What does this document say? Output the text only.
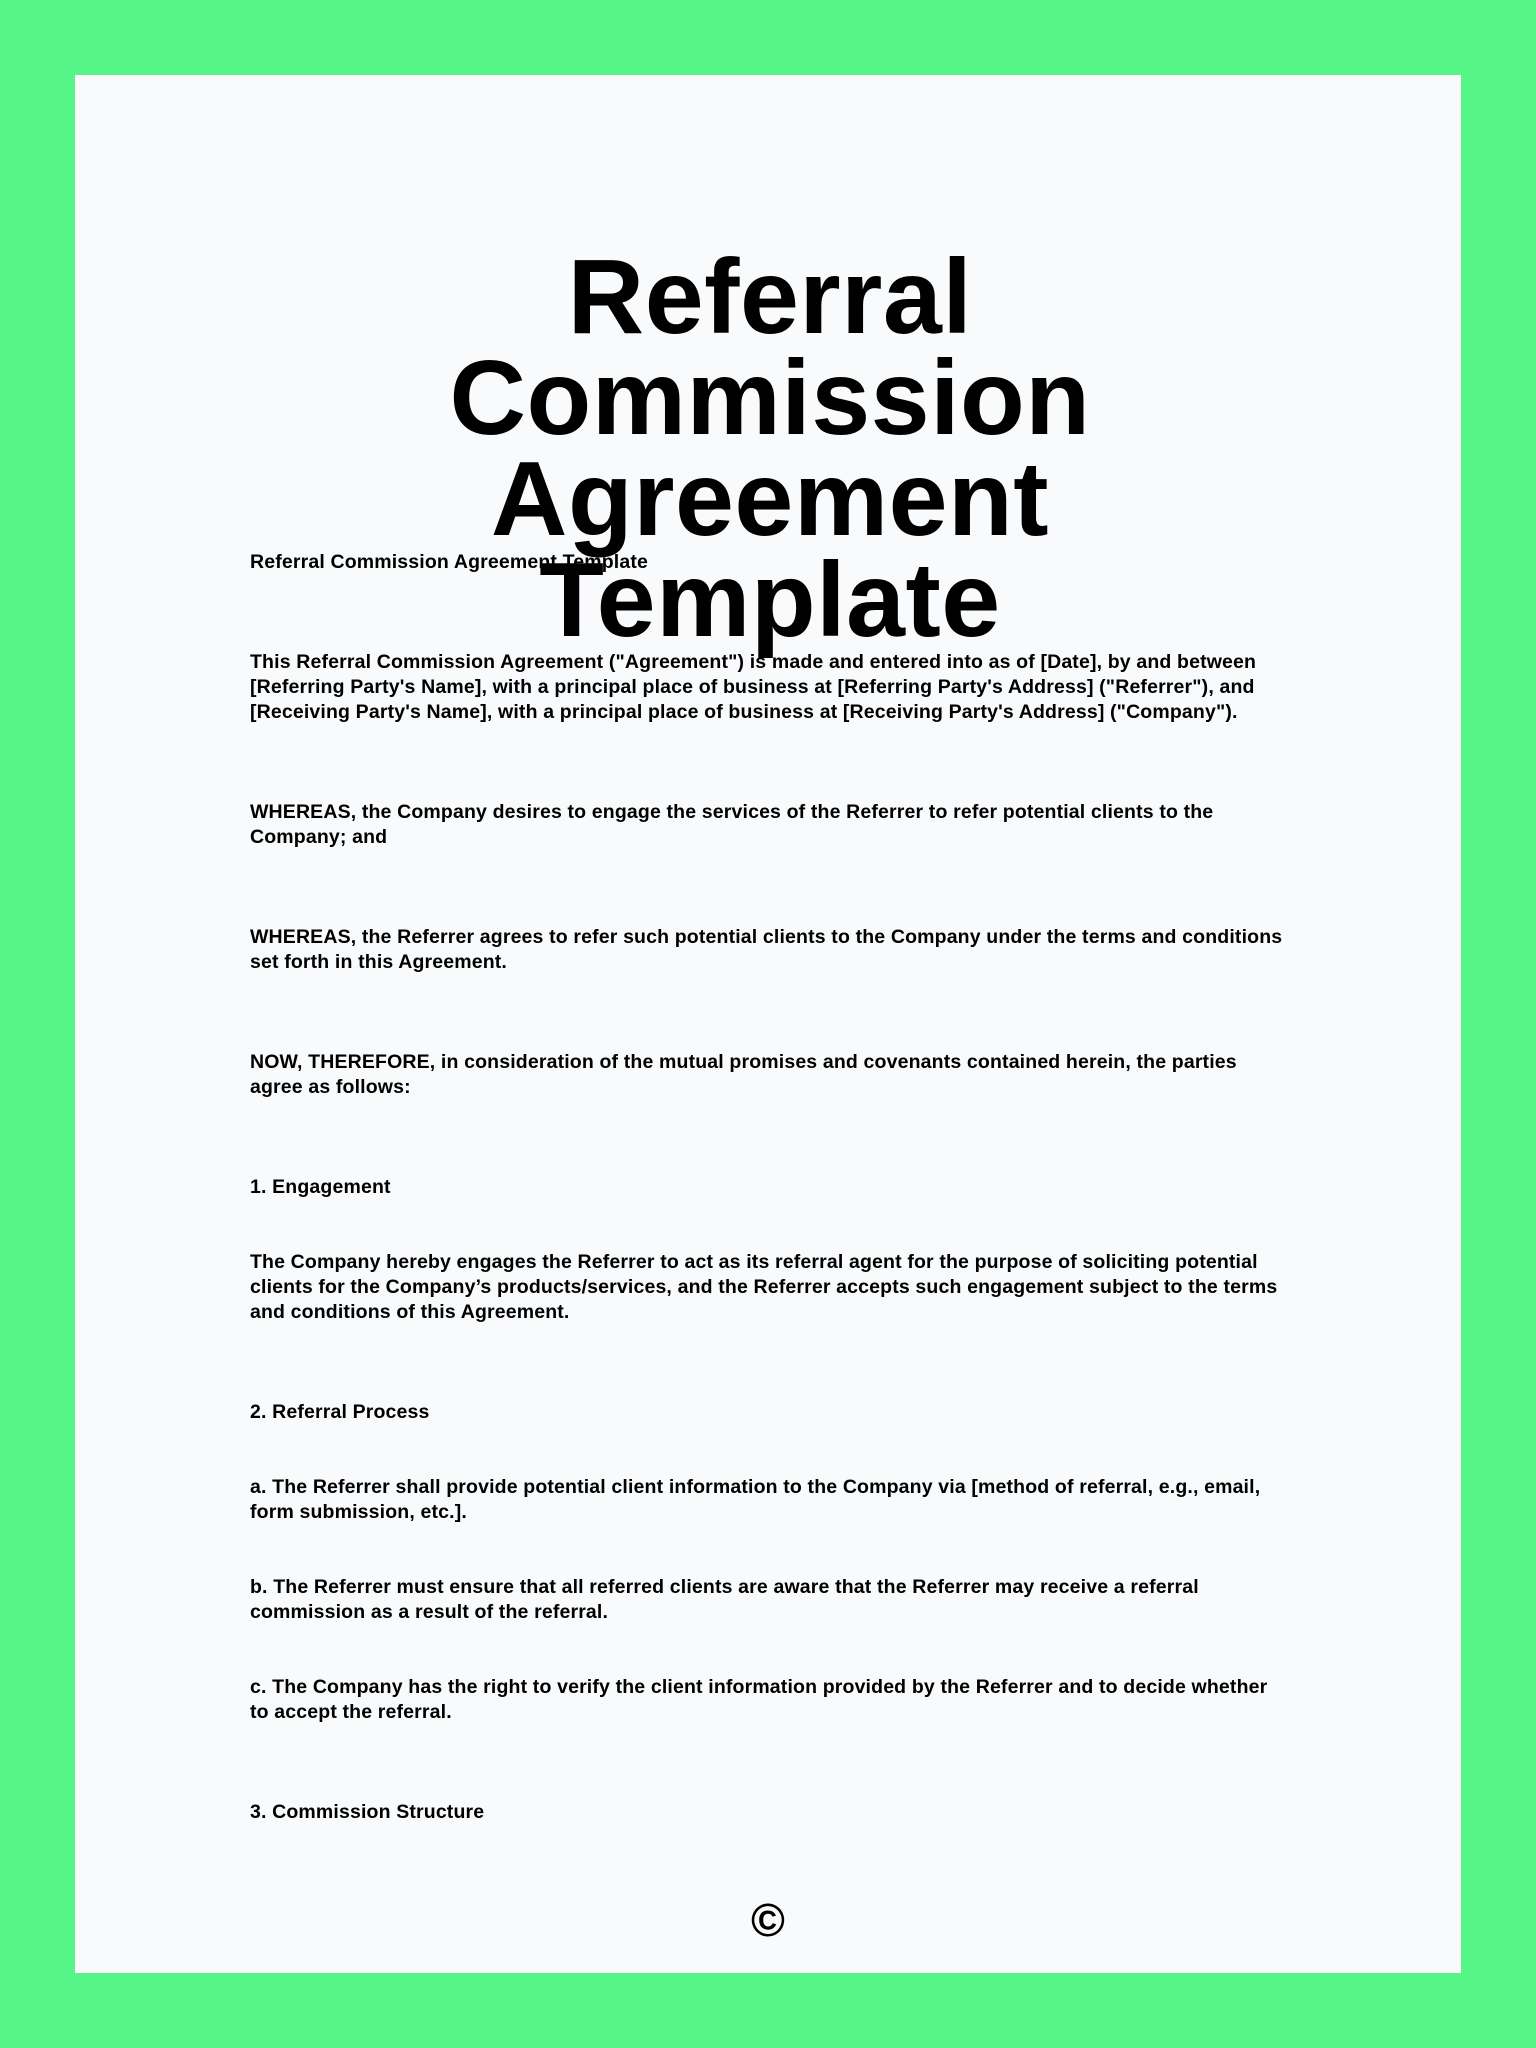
Referral Commission
Agreement Template

Referral Commission Agreement Template

This Referral Commission Agreement ("Agreement") is made and entered into as of [Date], by and between [Referring Party's Name], with a principal place of business at [Referring Party's Address] ("Referrer"), and [Receiving Party's Name], with a principal place of business at [Receiving Party's Address] ("Company").

WHEREAS, the Company desires to engage the services of the Referrer to refer potential clients to the Company; and

WHEREAS, the Referrer agrees to refer such potential clients to the Company under the terms and conditions set forth in this Agreement.

NOW, THEREFORE, in consideration of the mutual promises and covenants contained herein, the parties agree as follows:

1. Engagement

The Company hereby engages the Referrer to act as its referral agent for the purpose of soliciting potential clients for the Company’s products/services, and the Referrer accepts such engagement subject to the terms and conditions of this Agreement.

2. Referral Process

a. The Referrer shall provide potential client information to the Company via [method of referral, e.g., email, form submission, etc.].

b. The Referrer must ensure that all referred clients are aware that the Referrer may receive a referral commission as a result of the referral.

c. The Company has the right to verify the client information provided by the Referrer and to decide whether to accept the referral.

3. Commission Structure

©
